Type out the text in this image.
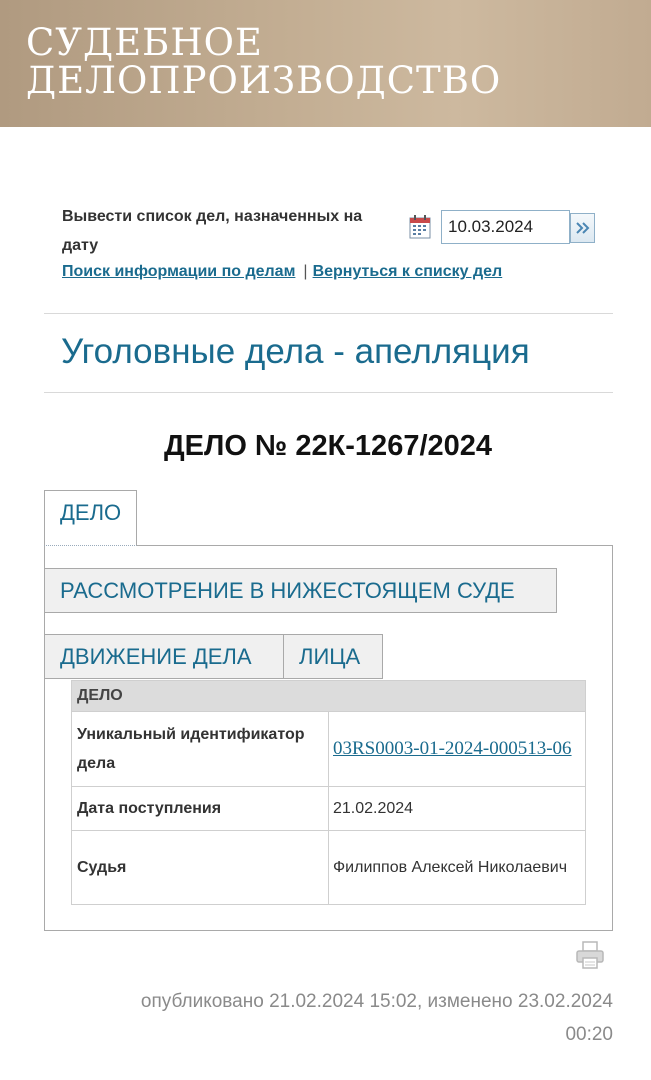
СУДЕБНОЕ
ДЕЛОПРОИЗВОДСТВО
Вывести список дел, назначенных на дату
10.03.2024
Поиск информации по делам | Вернуться к списку дел
Уголовные дела - апелляция
ДЕЛО № 22К-1267/2024
ДЕЛО
РАССМОТРЕНИЕ В НИЖЕСТОЯЩЕМ СУДЕ
ДВИЖЕНИЕ ДЕЛА	ЛИЦА
ДЕЛО	
Уникальный идентификатор дела	03RS0003-01-2024-000513-06
Дата поступления	21.02.2024
Судья	Филиппов Алексей Николаевич
опубликовано 21.02.2024 15:02, изменено 23.02.2024 00:20
